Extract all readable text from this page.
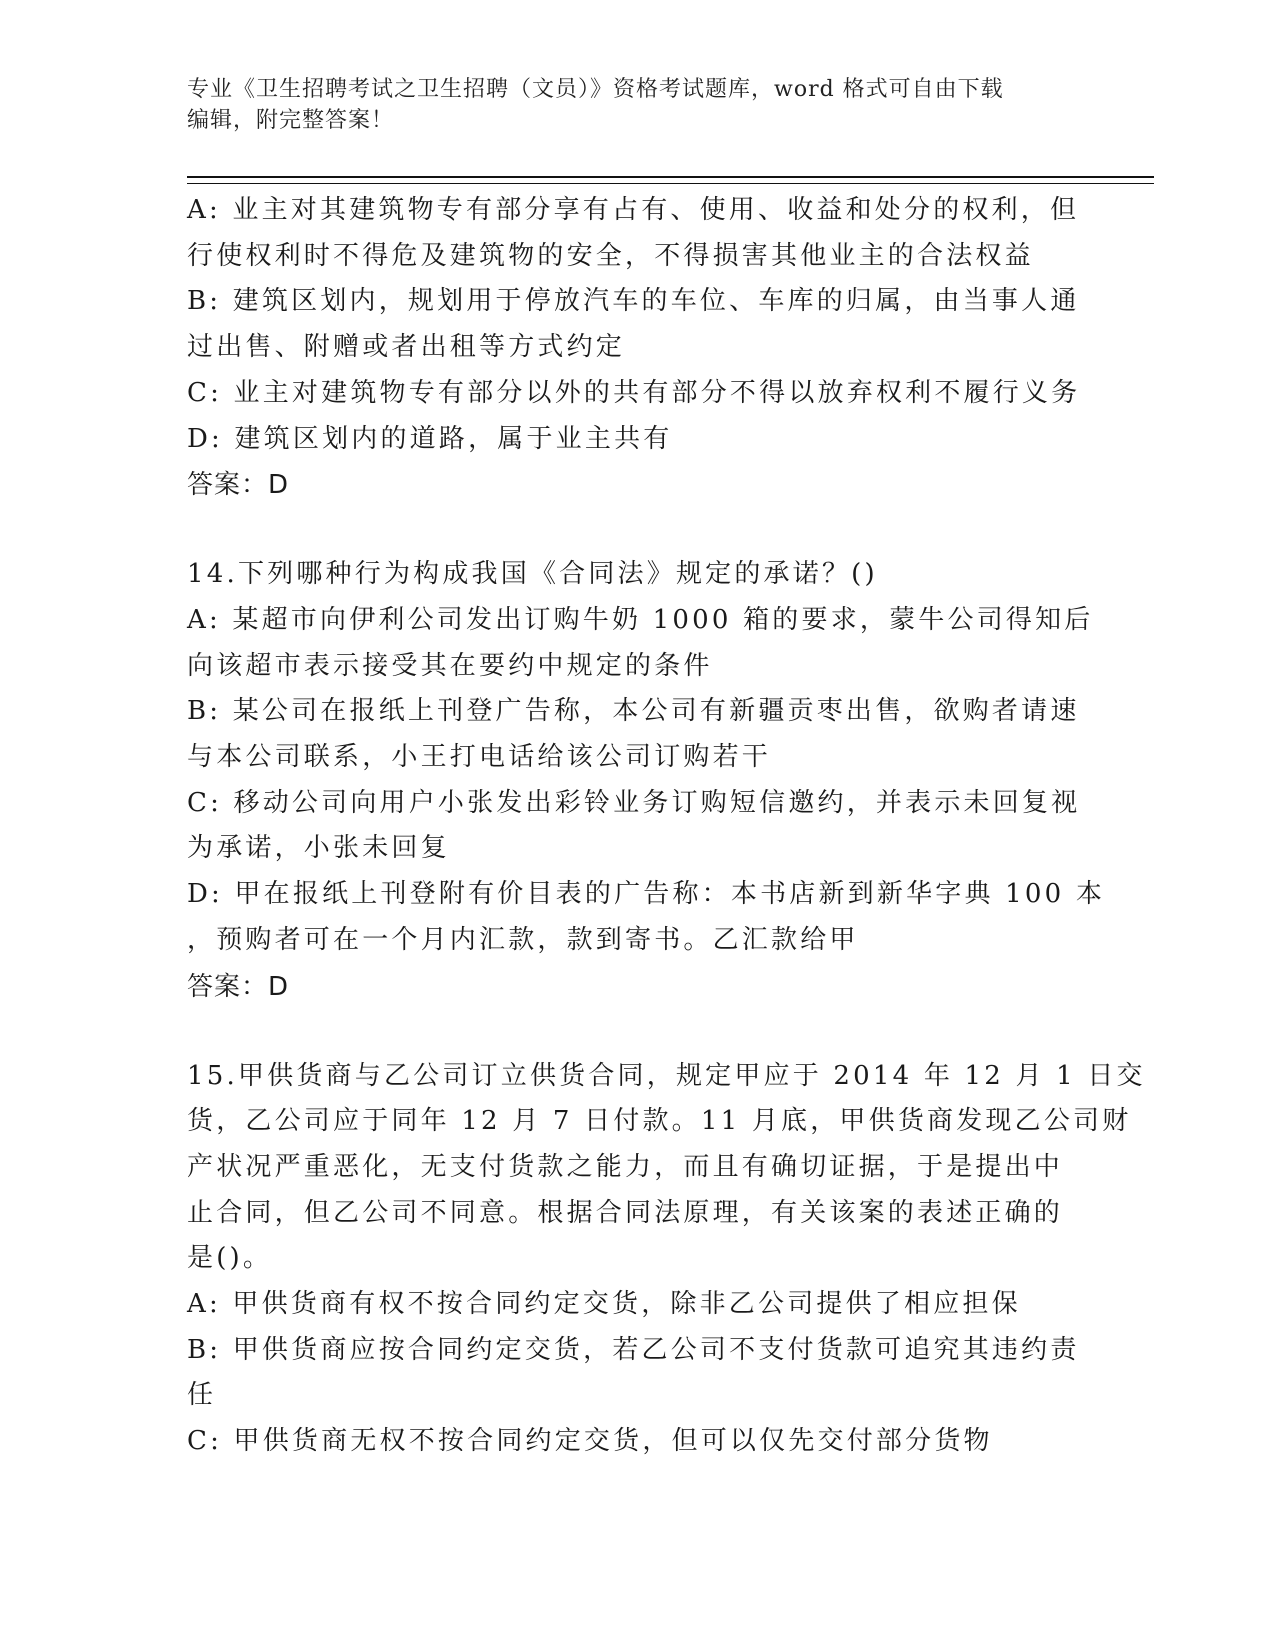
专业《卫生招聘考试之卫生招聘（文员）》资格考试题库，word 格式可自由下载
编辑，附完整答案！
A: 业主对其建筑物专有部分享有占有、使用、收益和处分的权利，但
行使权利时不得危及建筑物的安全，不得损害其他业主的合法权益
B: 建筑区划内，规划用于停放汽车的车位、车库的归属，由当事人通
过出售、附赠或者出租等方式约定
C: 业主对建筑物专有部分以外的共有部分不得以放弃权利不履行义务
D: 建筑区划内的道路，属于业主共有
答案：D
14.下列哪种行为构成我国《合同法》规定的承诺？()
A: 某超市向伊利公司发出订购牛奶 1000 箱的要求，蒙牛公司得知后
向该超市表示接受其在要约中规定的条件
B: 某公司在报纸上刊登广告称，本公司有新疆贡枣出售，欲购者请速
与本公司联系，小王打电话给该公司订购若干
C: 移动公司向用户小张发出彩铃业务订购短信邀约，并表示未回复视
为承诺，小张未回复
D: 甲在报纸上刊登附有价目表的广告称：本书店新到新华字典 100 本
，预购者可在一个月内汇款，款到寄书。乙汇款给甲
答案：D
15.甲供货商与乙公司订立供货合同，规定甲应于 2014 年 12 月 1 日交
货，乙公司应于同年 12 月 7 日付款。11 月底，甲供货商发现乙公司财
产状况严重恶化，无支付货款之能力，而且有确切证据，于是提出中
止合同，但乙公司不同意。根据合同法原理，有关该案的表述正确的
是()。
A: 甲供货商有权不按合同约定交货，除非乙公司提供了相应担保
B: 甲供货商应按合同约定交货，若乙公司不支付货款可追究其违约责
任
C: 甲供货商无权不按合同约定交货，但可以仅先交付部分货物
